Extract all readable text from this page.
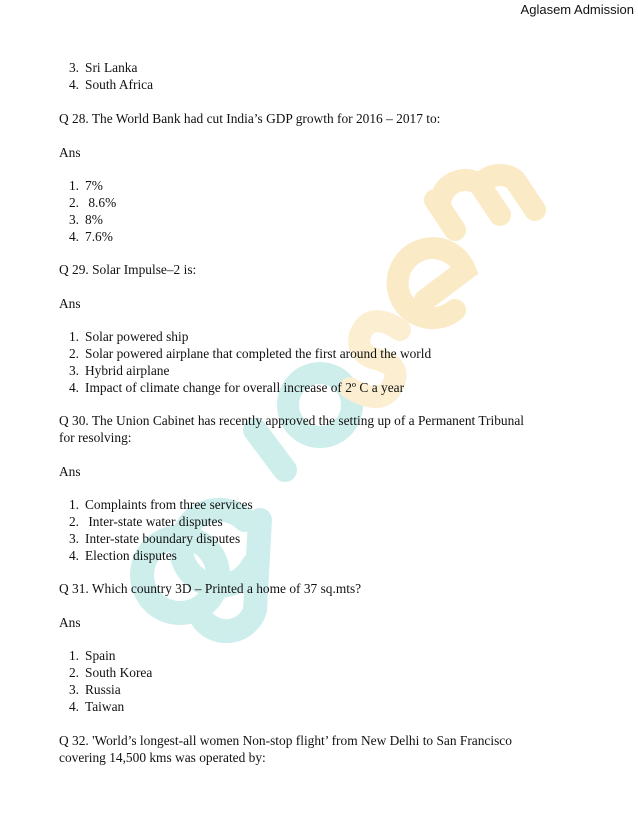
Aglasem Admission
3. Sri Lanka
4. South Africa
Q 28. The World Bank had cut India’s GDP growth for 2016 – 2017 to:
Ans
1. 7%
2. 8.6%
3. 8%
4. 7.6%
Q 29. Solar Impulse–2 is:
Ans
1. Solar powered ship
2. Solar powered airplane that completed the first around the world
3. Hybrid airplane
4. Impact of climate change for overall increase of 2º C a year
Q 30. The Union Cabinet has recently approved the setting up of a Permanent Tribunal
for resolving:
Ans
1. Complaints from three services
2. Inter-state water disputes
3. Inter-state boundary disputes
4. Election disputes
Q 31. Which country 3D – Printed a home of 37 sq.mts?
Ans
1. Spain
2. South Korea
3. Russia
4. Taiwan
Q 32. 'World’s longest-all women Non-stop flight’ from New Delhi to San Francisco
covering 14,500 kms was operated by:
